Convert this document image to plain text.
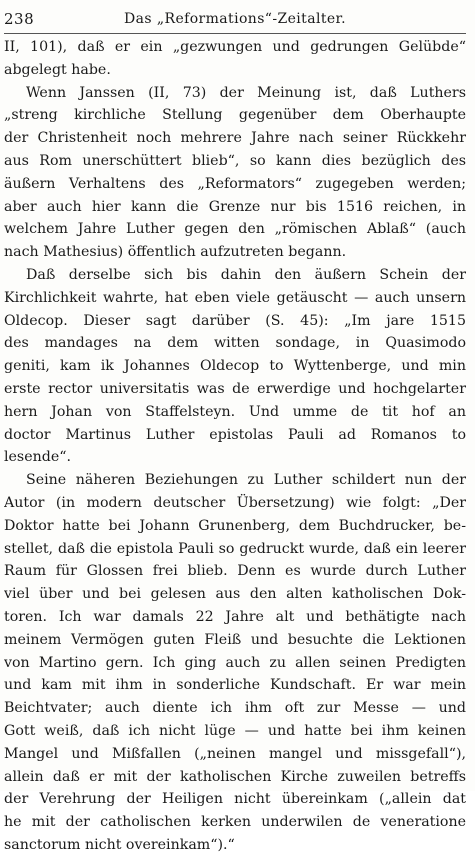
238	Das „Reformations“-Zeitalter.
II, 101), daß er ein „gezwungen und gedrungen Gelübde“
abgelegt habe.
Wenn Janssen (II, 73) der Meinung ist, daß Luthers
„streng kirchliche Stellung gegenüber dem Oberhaupte
der Christenheit noch mehrere Jahre nach seiner Rückkehr
aus Rom unerschüttert blieb“, so kann dies bezüglich des
äußern Verhaltens des „Reformators“ zugegeben werden;
aber auch hier kann die Grenze nur bis 1516 reichen, in
welchem Jahre Luther gegen den „römischen Ablaß“ (auch
nach Mathesius) öffentlich aufzutreten begann.
Daß derselbe sich bis dahin den äußern Schein der
Kirchlichkeit wahrte, hat eben viele getäuscht — auch unsern
Oldecop. Dieser sagt darüber (S. 45): „Im jare 1515
des mandages na dem witten sondage, in Quasimodo
geniti, kam ik Johannes Oldecop to Wyttenberge, und min
erste rector universitatis was de erwerdige und hochgelarter
hern Johan von Staffelsteyn. Und umme de tit hof an
doctor Martinus Luther epistolas Pauli ad Romanos to
lesende“.
Seine näheren Beziehungen zu Luther schildert nun der
Autor (in modern deutscher Übersetzung) wie folgt: „Der
Doktor hatte bei Johann Grunenberg, dem Buchdrucker, be-
stellet, daß die epistola Pauli so gedruckt wurde, daß ein leerer
Raum für Glossen frei blieb. Denn es wurde durch Luther
viel über und bei gelesen aus den alten katholischen Dok-
toren. Ich war damals 22 Jahre alt und bethätigte nach
meinem Vermögen guten Fleiß und besuchte die Lektionen
von Martino gern. Ich ging auch zu allen seinen Predigten
und kam mit ihm in sonderliche Kundschaft. Er war mein
Beichtvater; auch diente ich ihm oft zur Messe — und
Gott weiß, daß ich nicht lüge — und hatte bei ihm keinen
Mangel und Mißfallen („neinen mangel und missgefall“),
allein daß er mit der katholischen Kirche zuweilen betreffs
der Verehrung der Heiligen nicht übereinkam („allein dat
he mit der catholischen kerken underwilen de veneratione
sanctorum nicht overeinkam“).“
